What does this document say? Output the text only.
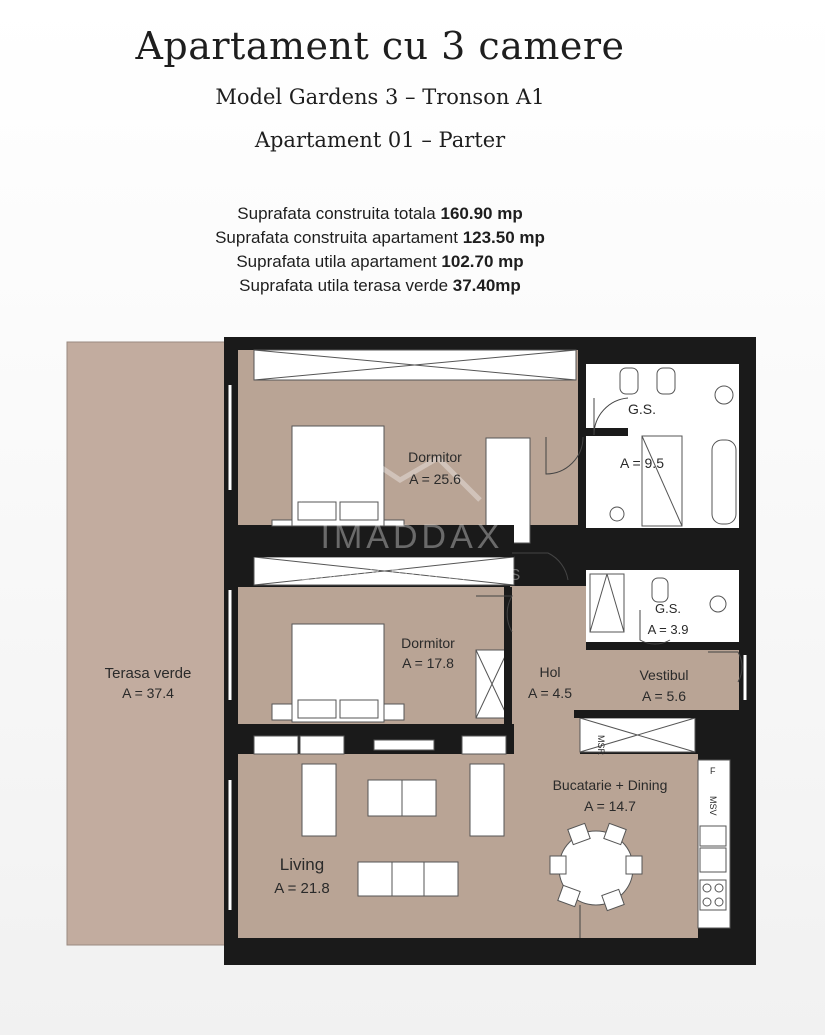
Apartament cu 3 camere
Model Gardens 3 – Tronson A1
Apartament 01 – Parter
Suprafata construita totala 160.90 mp
Suprafata construita apartament 123.50 mp
Suprafata utila apartament 102.70 mp
Suprafata utila terasa verde 37.40mp
IMADDAX
LUXURY PROPERTIES
MSR
F
MSV
Terasa verde
A = 37.4
Dormitor
A = 25.6
G.S.
A = 9.5
Dormitor
A = 17.8
G.S.
A = 3.9
Hol
A = 4.5
Vestibul
A = 5.6
Living
A = 21.8
Bucatarie + Dining
A = 14.7
